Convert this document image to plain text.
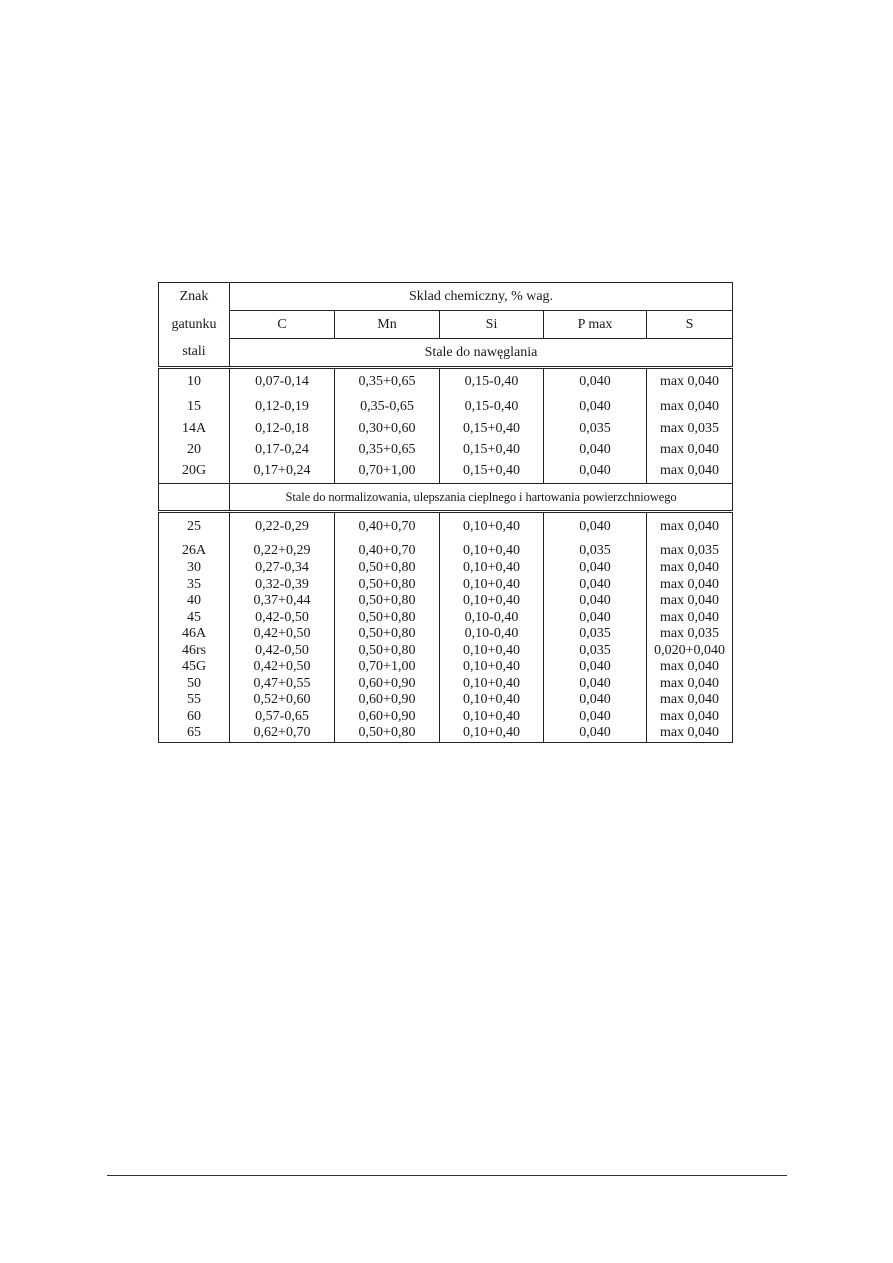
Znak	Sklad chemiczny, % wag.				
gatunku	C	Mn	Si	P max	S
stali	Stale do nawęglania				
10	0,07-0,14	0,35+0,65	0,15-0,40	0,040	max 0,040
15	0,12-0,19	0,35-0,65	0,15-0,40	0,040	max 0,040
14A	0,12-0,18	0,30+0,60	0,15+0,40	0,035	max 0,035
20	0,17-0,24	0,35+0,65	0,15+0,40	0,040	max 0,040
20G	0,17+0,24	0,70+1,00	0,15+0,40	0,040	max 0,040
	Stale do normalizowania, ulepszania cieplnego i hartowania powierzchniowego				
25	0,22-0,29	0,40+0,70	0,10+0,40	0,040	max 0,040
26A	0,22+0,29	0,40+0,70	0,10+0,40	0,035	max 0,035
30	0,27-0,34	0,50+0,80	0,10+0,40	0,040	max 0,040
35	0,32-0,39	0,50+0,80	0,10+0,40	0,040	max 0,040
40	0,37+0,44	0,50+0,80	0,10+0,40	0,040	max 0,040
45	0,42-0,50	0,50+0,80	0,10-0,40	0,040	max 0,040
46A	0,42+0,50	0,50+0,80	0,10-0,40	0,035	max 0,035
46rs	0,42-0,50	0,50+0,80	0,10+0,40	0,035	0,020+0,040
45G	0,42+0,50	0,70+1,00	0,10+0,40	0,040	max 0,040
50	0,47+0,55	0,60+0,90	0,10+0,40	0,040	max 0,040
55	0,52+0,60	0,60+0,90	0,10+0,40	0,040	max 0,040
60	0,57-0,65	0,60+0,90	0,10+0,40	0,040	max 0,040
65	0,62+0,70	0,50+0,80	0,10+0,40	0,040	max 0,040
